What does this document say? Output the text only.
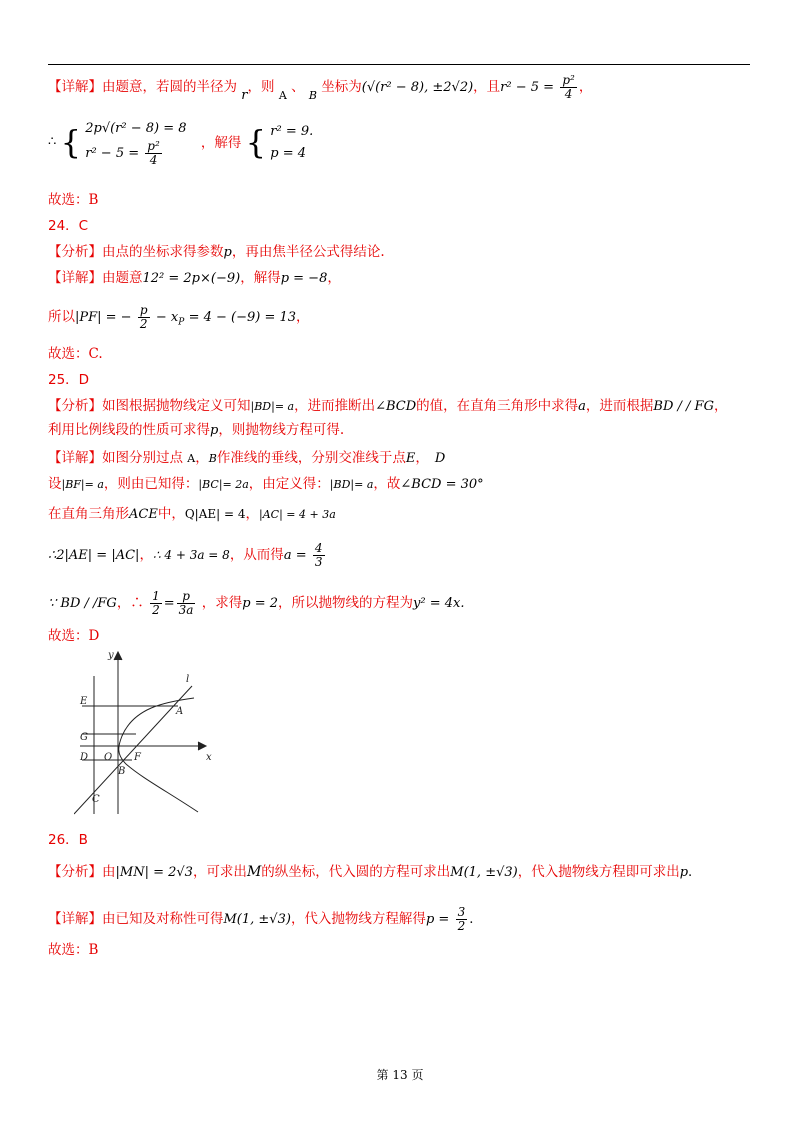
【详解】由题意，若圆的半径为 r，则 $_A$ 、 $_B$ 坐标为(√(r² − 8), ±2√2)，且$r^2 - 5 = \frac{\text{p²}}{4}$ ，
∴ { 2p√(r² − 8) = 8
$r^2 - 5 = \frac{\text{p²}}{4}$	，解得 { r² = 9.
p = 4
故选：B
24．C
【分析】由点的坐标求得参数p，再由焦半径公式得结论.
【详解】由题意12² = 2p×(−9)，解得p = −8，
所以|PF| = − $\frac{p}{2} - x_P = 4 - (-9) = 13$，
故选：C.
25．D
【分析】如图根据抛物线定义可知|BD|= a，进而推断出∠BCD的值，在直角三角形中求得a，进而根据BD / / FG，
利用比例线段的性质可求得p，则抛物线方程可得.
【详解】如图分别过点 A，B作准线的垂线，分别交准线于点E， D
设|BF|= a，则由已知得：|BC|= 2a，由定义得：|BD|= a，故∠BCD = 30°
在直角三角形ACE中，Q|AE| = 4，|AC| = 4 + 3a
∴2|AE| = |AC|，∴ 4 + 3a = 8，从而得$a = \frac{4}{3}$
∵ BD / /FG，∴ $\frac{1}{2} = \frac{p}{3a}$ ，求得p = 2，所以抛物线的方程为y² = 4x.
故选：D
y
x
l
E
A
G
D O F
B
C
26．B
【分析】由|MN| = 2√3，可求出M的纵坐标，代入圆的方程可求出M(1, ±√3)，代入抛物线方程即可求出p.
【详解】由已知及对称性可得M(1, ±√3)，代入抛物线方程解得$p = \frac{3}{2}$ .
故选：B
第 13 页
